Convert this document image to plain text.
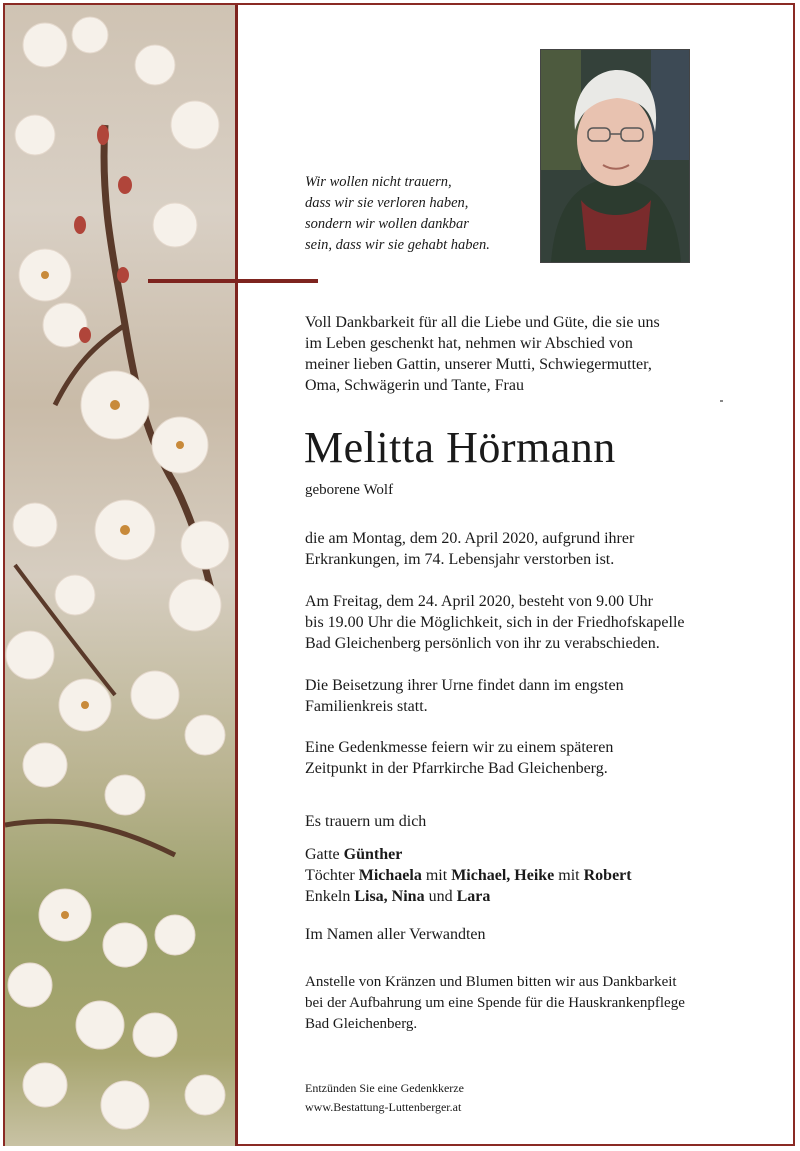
Wir wollen nicht trauern,
dass wir sie verloren haben,
sondern wir wollen dankbar
sein, dass wir sie gehabt haben.
Voll Dankbarkeit für all die Liebe und Güte, die sie uns
im Leben geschenkt hat, nehmen wir Abschied von
meiner lieben Gattin, unserer Mutti, Schwiegermutter,
Oma, Schwägerin und Tante, Frau
Melitta Hörmann
geborene Wolf
die am Montag, dem 20. April 2020, aufgrund ihrer
Erkrankungen, im 74. Lebensjahr verstorben ist.
Am Freitag, dem 24. April 2020, besteht von 9.00 Uhr
bis 19.00 Uhr die Möglichkeit, sich in der Friedhofskapelle
Bad Gleichenberg persönlich von ihr zu verabschieden.
Die Beisetzung ihrer Urne findet dann im engsten
Familienkreis statt.
Eine Gedenkmesse feiern wir zu einem späteren
Zeitpunkt in der Pfarrkirche Bad Gleichenberg.
Es trauern um dich
Gatte Günther
Töchter Michaela mit Michael, Heike mit Robert
Enkeln Lisa, Nina und Lara
Im Namen aller Verwandten
Anstelle von Kränzen und Blumen bitten wir aus Dankbarkeit
bei der Aufbahrung um eine Spende für die Hauskrankenpflege
Bad Gleichenberg.
Entzünden Sie eine Gedenkkerze
www.Bestattung-Luttenberger.at
